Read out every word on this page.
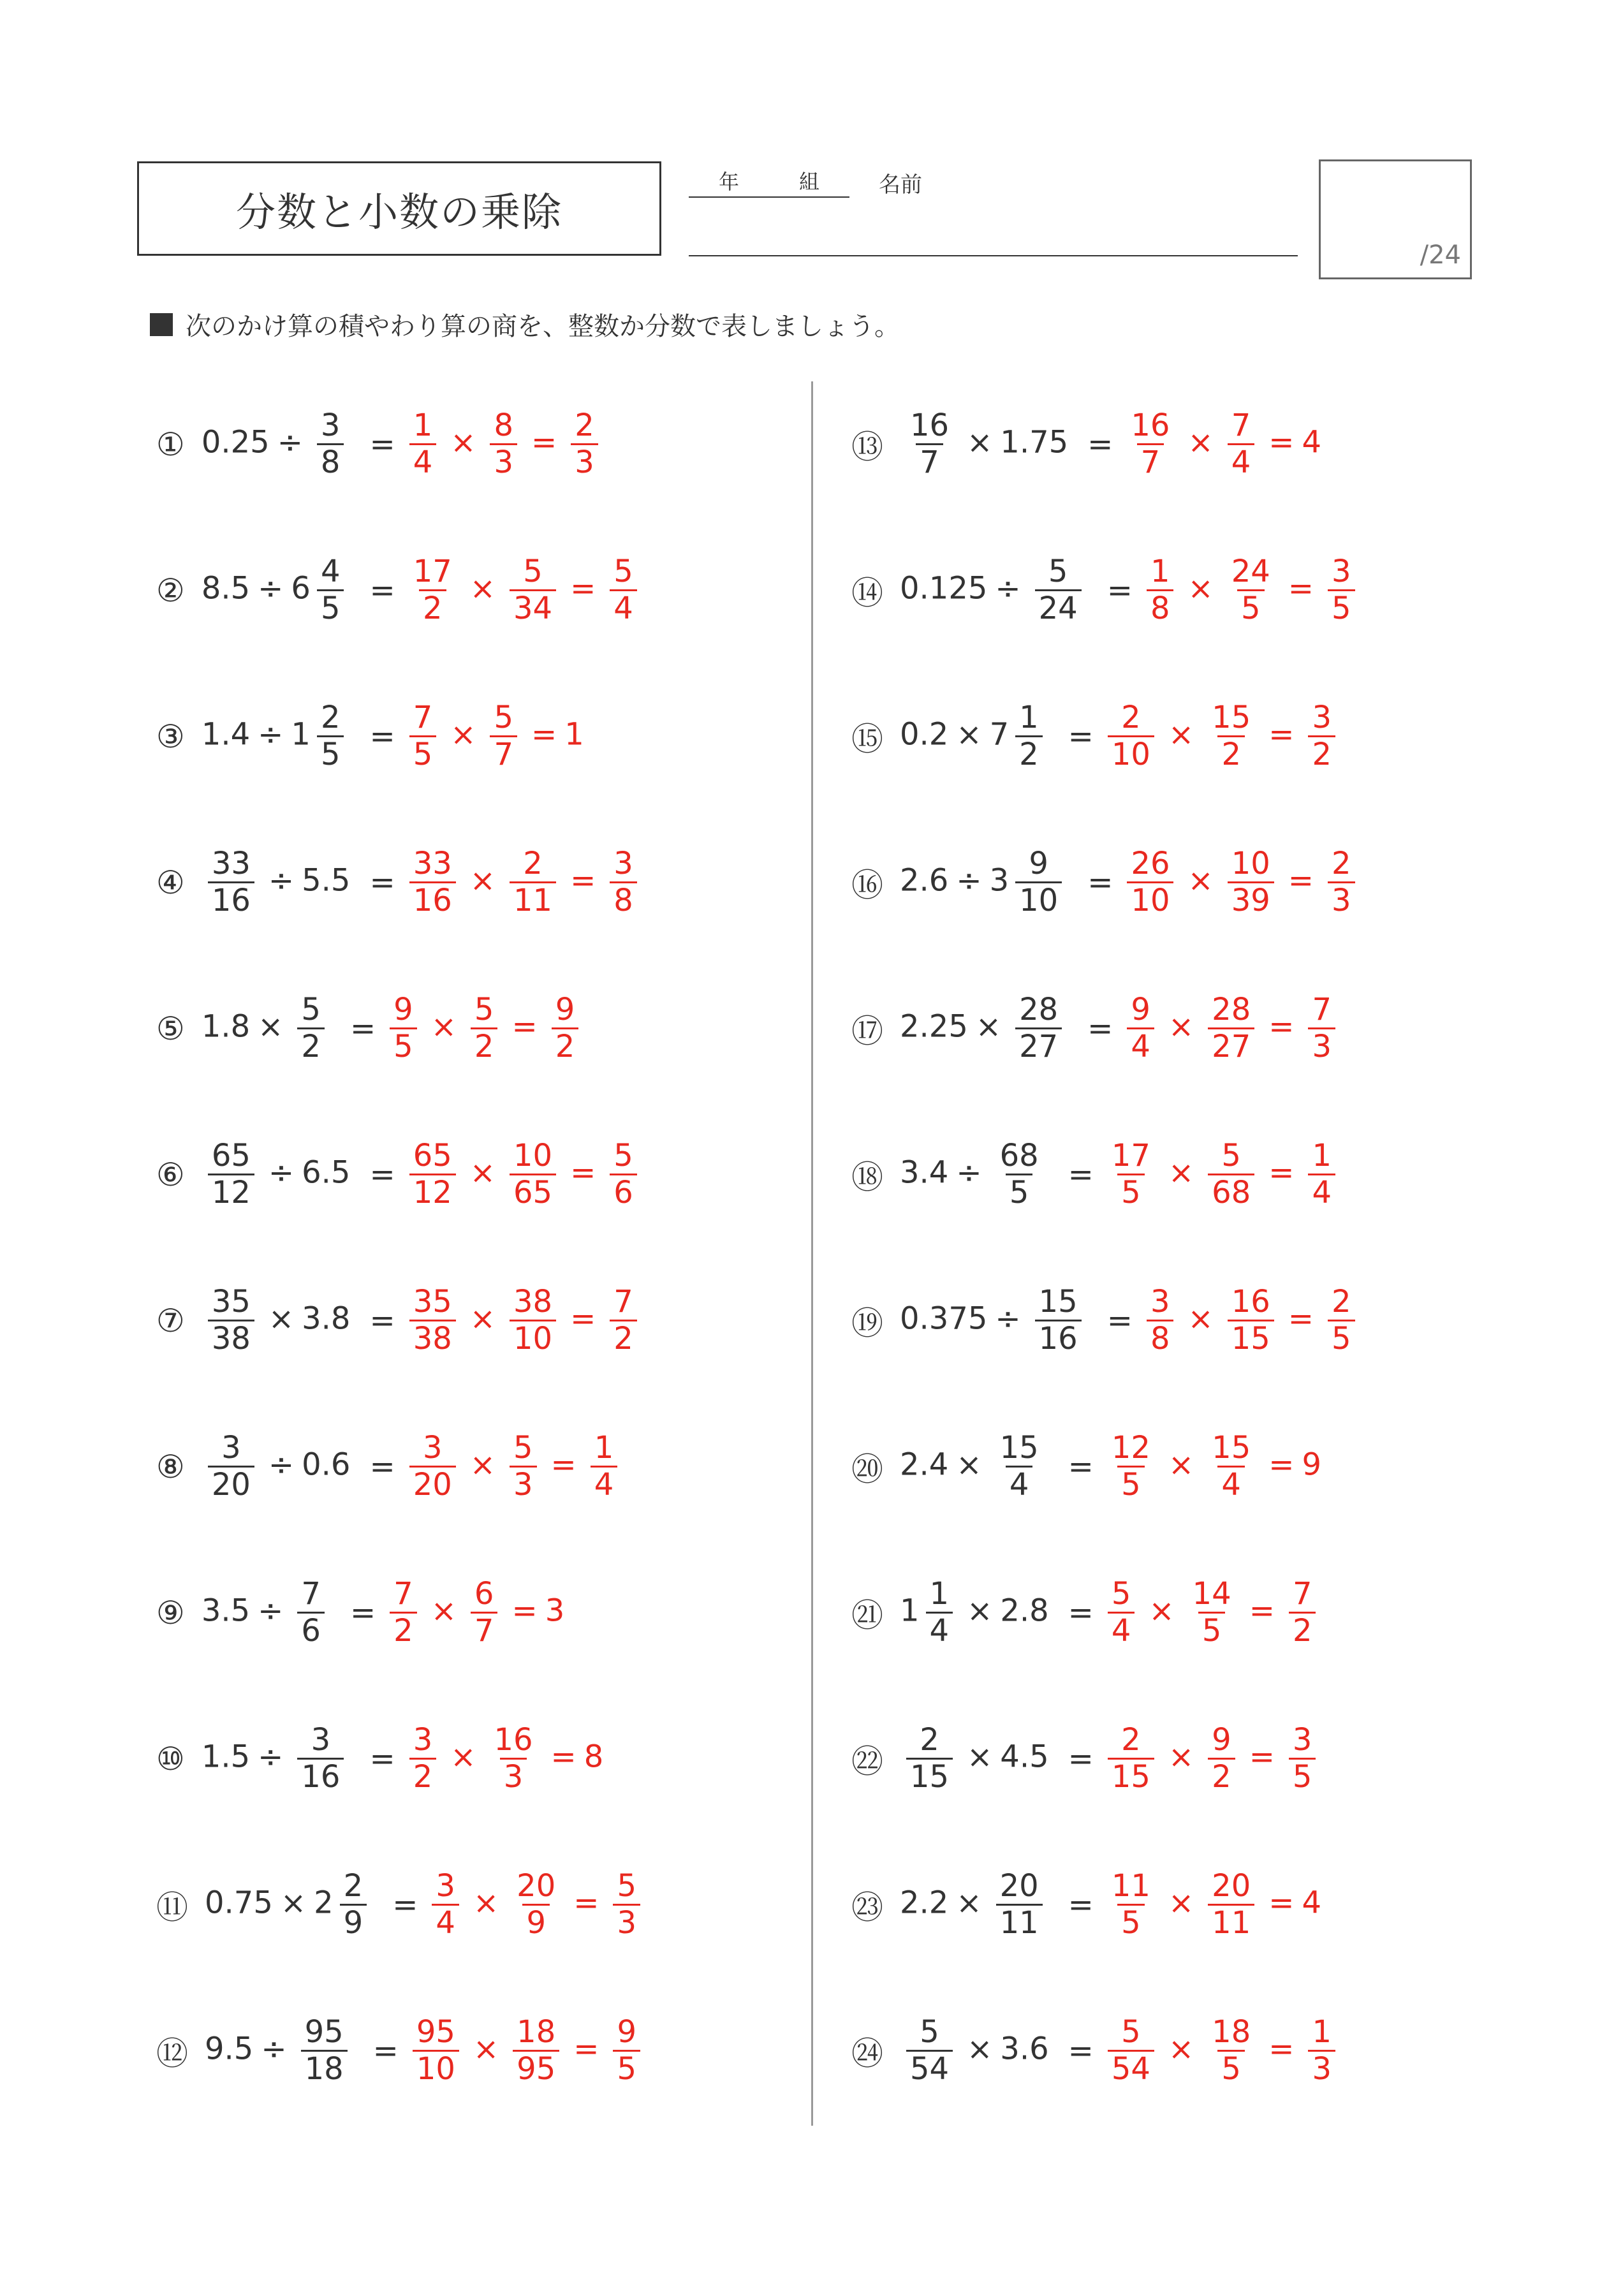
分数と小数の乗除
年	組	名前
/24
次のかけ算の積やわり算の商を、整数か分数で表しましょう。
① $0.25 \div \frac{3}{8} = \frac{1}{4} \times \frac{8}{3} = \frac{2}{3}$
② $8.5 \div 6 \frac{4}{5} = \frac{17}{2} \times \frac{5}{34} = \frac{5}{4}$
③ $1.4 \div 1 \frac{2}{5} = \frac{7}{5} \times \frac{5}{7} = 1$
④ $\frac{33}{16} \div 5.5 = \frac{33}{16} \times \frac{2}{11} = \frac{3}{8}$
⑤ $1.8 \times \frac{5}{2} = \frac{9}{5} \times \frac{5}{2} = \frac{9}{2}$
⑥ $\frac{65}{12} \div 6.5 = \frac{65}{12} \times \frac{10}{65} = \frac{5}{6}$
⑦ $\frac{35}{38} \times 3.8 = \frac{35}{38} \times \frac{38}{10} = \frac{7}{2}$
⑧ $\frac{3}{20} \div 0.6 = \frac{3}{20} \times \frac{5}{3} = \frac{1}{4}$
⑨ $3.5 \div \frac{7}{6} = \frac{7}{2} \times \frac{6}{7} = 3$
⑩ $1.5 \div \frac{3}{16} = \frac{3}{2} \times \frac{16}{3} = 8$
⑪ $0.75 \times 2 \frac{2}{9} = \frac{3}{4} \times \frac{20}{9} = \frac{5}{3}$
⑫ $9.5 \div \frac{95}{18} = \frac{95}{10} \times \frac{18}{95} = \frac{9}{5}$
⑬ $\frac{16}{7} \times 1.75 = \frac{16}{7} \times \frac{7}{4} = 4$
⑭ $0.125 \div \frac{5}{24} = \frac{1}{8} \times \frac{24}{5} = \frac{3}{5}$
⑮ $0.2 \times 7 \frac{1}{2} = \frac{2}{10} \times \frac{15}{2} = \frac{3}{2}$
⑯ $2.6 \div 3 \frac{9}{10} = \frac{26}{10} \times \frac{10}{39} = \frac{2}{3}$
⑰ $2.25 \times \frac{28}{27} = \frac{9}{4} \times \frac{28}{27} = \frac{7}{3}$
⑱ $3.4 \div \frac{68}{5} = \frac{17}{5} \times \frac{5}{68} = \frac{1}{4}$
⑲ $0.375 \div \frac{15}{16} = \frac{3}{8} \times \frac{16}{15} = \frac{2}{5}$
⑳ $2.4 \times \frac{15}{4} = \frac{12}{5} \times \frac{15}{4} = 9$
㉑ $1 \frac{1}{4} \times 2.8 = \frac{5}{4} \times \frac{14}{5} = \frac{7}{2}$
㉒ $\frac{2}{15} \times 4.5 = \frac{2}{15} \times \frac{9}{2} = \frac{3}{5}$
㉓ $2.2 \times \frac{20}{11} = \frac{11}{5} \times \frac{20}{11} = 4$
㉔ $\frac{5}{54} \times 3.6 = \frac{5}{54} \times \frac{18}{5} = \frac{1}{3}$
